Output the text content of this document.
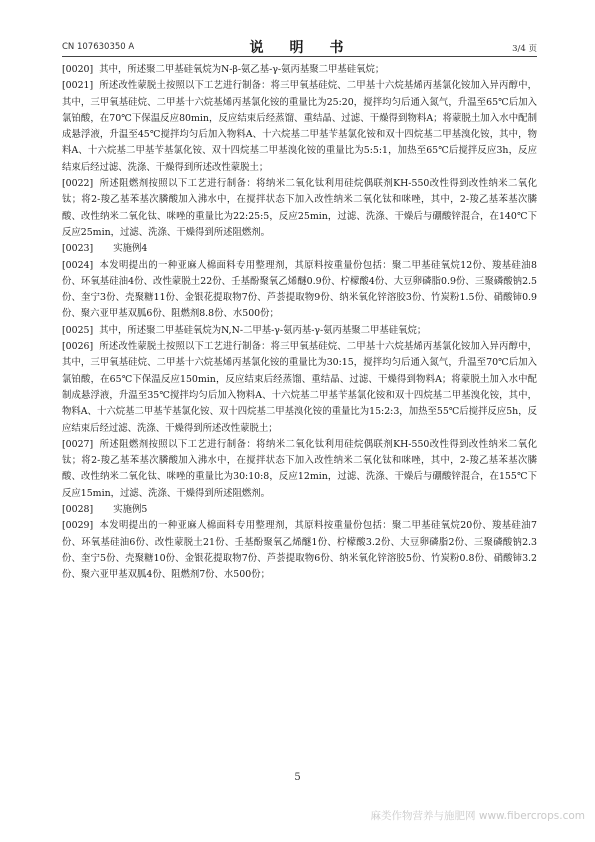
CN 107630350 A	说　明　书	3/4 页

[0020] 其中，所述聚二甲基硅氧烷为N-β-氨乙基-γ-氨丙基聚二甲基硅氧烷；

[0021] 所述改性蒙脱土按照以下工艺进行制备：将三甲氧基硅烷、二甲基十六烷基烯丙基氯化铵加入异丙醇中，其中，三甲氧基硅烷、二甲基十六烷基烯丙基氯化铵的重量比为25:20，搅拌均匀后通入氮气，升温至65℃后加入氯铂酸，在70℃下保温反应80min，反应结束后经蒸馏、重结晶、过滤、干燥得到物料A；将蒙脱土加入水中配制成悬浮液，升温至45℃搅拌均匀后加入物料A、十六烷基二甲基苄基氯化铵和双十四烷基二甲基溴化铵，其中，物料A、十六烷基二甲基苄基氯化铵、双十四烷基二甲基溴化铵的重量比为5:5:1，加热至65℃后搅拌反应3h，反应结束后经过滤、洗涤、干燥得到所述改性蒙脱土；

[0022] 所述阻燃剂按照以下工艺进行制备：将纳米二氧化钛利用硅烷偶联剂KH-550改性得到改性纳米二氧化钛；将2-羧乙基苯基次膦酸加入沸水中，在搅拌状态下加入改性纳米二氧化钛和咪唑，其中，2-羧乙基苯基次膦酸、改性纳米二氧化钛、咪唑的重量比为22:25:5，反应25min，过滤、洗涤、干燥后与硼酸锌混合，在140℃下反应25min，过滤、洗涤、干燥得到所述阻燃剂。

[0023] 实施例4

[0024] 本发明提出的一种亚麻人棉面料专用整理剂，其原料按重量份包括：聚二甲基硅氧烷12份、羧基硅油8份、环氧基硅油4份、改性蒙脱土22份、壬基酚聚氧乙烯醚0.9份、柠檬酸4份、大豆卵磷脂0.9份、三聚磷酸钠2.5份、奎宁3份、壳聚糖11份、金银花提取物7份、芦荟提取物9份、纳米氧化锌溶胶3份、竹炭粉1.5份、硝酸铈0.9份、聚六亚甲基双胍6份、阻燃剂8.8份、水500份；

[0025] 其中，所述聚二甲基硅氧烷为N,N-二甲基-γ-氨丙基-γ-氨丙基聚二甲基硅氧烷；

[0026] 所述改性蒙脱土按照以下工艺进行制备：将三甲氧基硅烷、二甲基十六烷基烯丙基氯化铵加入异丙醇中，其中，三甲氧基硅烷、二甲基十六烷基烯丙基氯化铵的重量比为30:15，搅拌均匀后通入氮气，升温至70℃后加入氯铂酸，在65℃下保温反应150min，反应结束后经蒸馏、重结晶、过滤、干燥得到物料A；将蒙脱土加入水中配制成悬浮液，升温至35℃搅拌均匀后加入物料A、十六烷基二甲基苄基氯化铵和双十四烷基二甲基溴化铵，其中，物料A、十六烷基二甲基苄基氯化铵、双十四烷基二甲基溴化铵的重量比为15:2:3，加热至55℃后搅拌反应5h，反应结束后经过滤、洗涤、干燥得到所述改性蒙脱土；

[0027] 所述阻燃剂按照以下工艺进行制备：将纳米二氧化钛利用硅烷偶联剂KH-550改性得到改性纳米二氧化钛；将2-羧乙基苯基次膦酸加入沸水中，在搅拌状态下加入改性纳米二氧化钛和咪唑，其中，2-羧乙基苯基次膦酸、改性纳米二氧化钛、咪唑的重量比为30:10:8，反应12min，过滤、洗涤、干燥后与硼酸锌混合，在155℃下反应15min，过滤、洗涤、干燥得到所述阻燃剂。

[0028] 实施例5

[0029] 本发明提出的一种亚麻人棉面料专用整理剂，其原料按重量份包括：聚二甲基硅氧烷20份、羧基硅油7份、环氧基硅油6份、改性蒙脱土21份、壬基酚聚氧乙烯醚1份、柠檬酸3.2份、大豆卵磷脂2份、三聚磷酸钠2.3份、奎宁5份、壳聚糖10份、金银花提取物7份、芦荟提取物6份、纳米氧化锌溶胶5份、竹炭粉0.8份、硝酸铈3.2份、聚六亚甲基双胍4份、阻燃剂7份、水500份；

5
麻类作物营养与施肥网 www.fibercrops.com
